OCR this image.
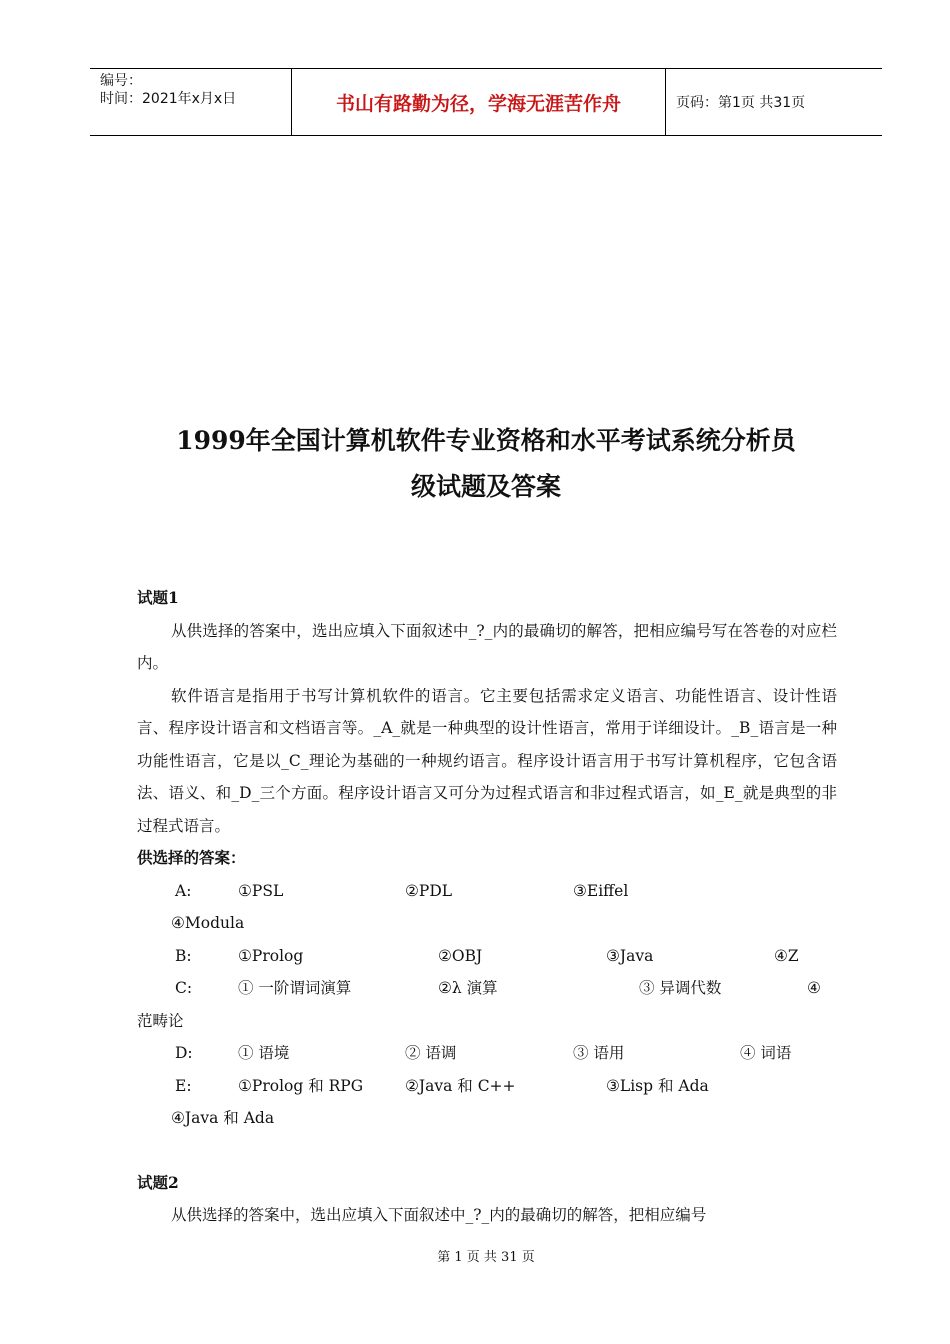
编号：
时间：2021年x月x日	书山有路勤为径，学海无涯苦作舟	页码：第1页 共31页
1999年全国计算机软件专业资格和水平考试系统分析员
级试题及答案
试题1
从供选择的答案中，选出应填入下面叙述中_?_内的最确切的解答，把相应编号写在答卷的对应栏内。
软件语言是指用于书写计算机软件的语言。它主要包括需求定义语言、功能性语言、设计性语言、程序设计语言和文档语言等。_A_就是一种典型的设计性语言，常用于详细设计。_B_语言是一种功能性语言，它是以_C_理论为基础的一种规约语言。程序设计语言用于书写计算机程序，它包含语法、语义、和_D_三个方面。程序设计语言又可分为过程式语言和非过程式语言，如_E_就是典型的非过程式语言。
供选择的答案：
A:	①PSL	②PDL	③Eiffel
④Modula
B:	①Prolog	②OBJ	③Java	④Z
C:	① 一阶谓词演算	②λ 演算	③ 异调代数	④
范畴论
D:	① 语境	② 语调	③ 语用	④ 词语
E:	①Prolog 和 RPG	②Java 和 C++	③Lisp 和 Ada
④Java 和 Ada
试题2
从供选择的答案中，选出应填入下面叙述中_?_内的最确切的解答，把相应编号
第 1 页 共 31 页
